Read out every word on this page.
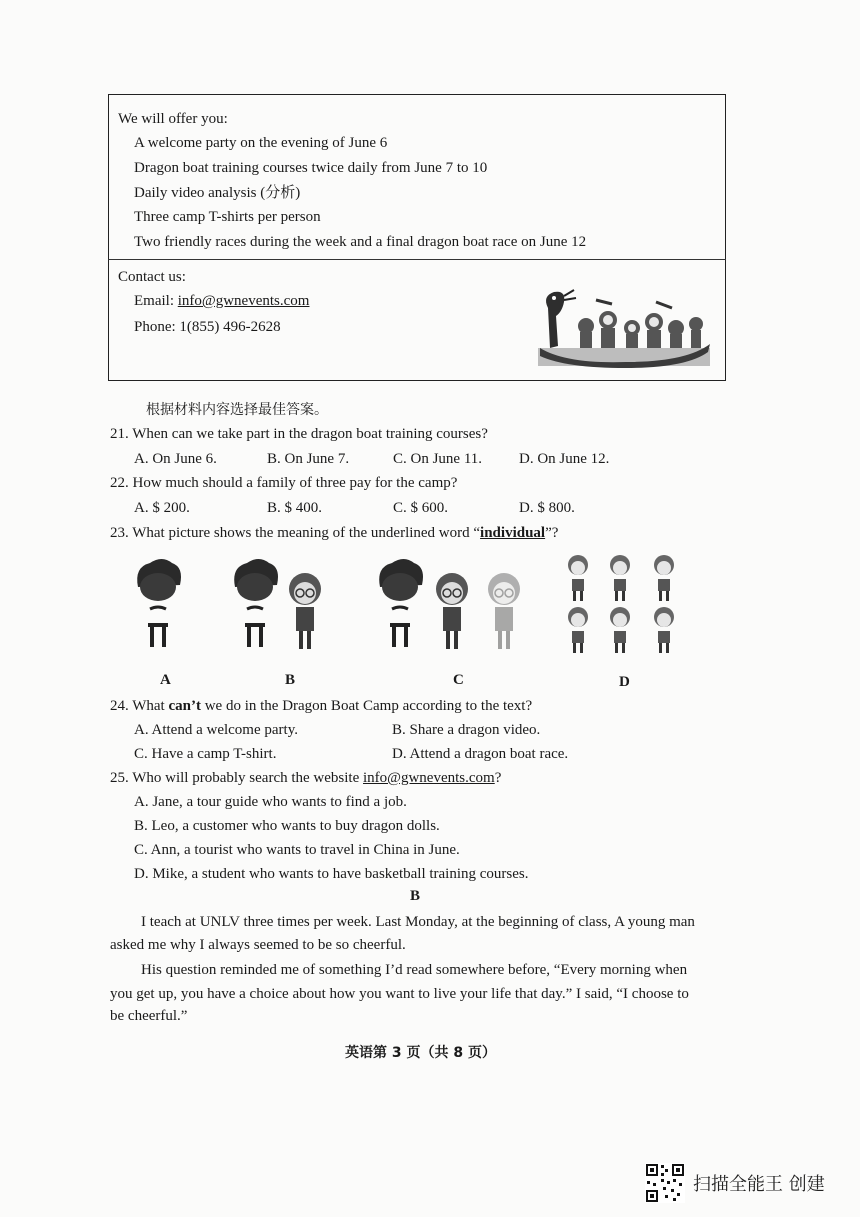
We will offer you:
A welcome party on the evening of June 6
Dragon boat training courses twice daily from June 7 to 10
Daily video analysis (分析)
Three camp T-shirts per person
Two friendly races during the week and a final dragon boat race on June 12
Contact us:
Email: info@gwnevents.com
Phone: 1(855) 496-2628
根据材料内容选择最佳答案。
21. When can we take part in the dragon boat training courses?
A. On June 6.	B. On June 7.	C. On June 11. D. On June 12.
22. How much should a family of three pay for the camp?
A. $ 200.	B. $ 400.	C. $ 600.	D. $ 800.
23. What picture shows the meaning of the underlined word “individual”?
A	B	C	D
24. What can’t we do in the Dragon Boat Camp according to the text?
A. Attend a welcome party.	B. Share a dragon video.
C. Have a camp T-shirt.	D. Attend a dragon boat race.
25. Who will probably search the website info@gwnevents.com?
A. Jane, a tour guide who wants to find a job.
B. Leo, a customer who wants to buy dragon dolls.
C. Ann, a tourist who wants to travel in China in June.
D. Mike, a student who wants to have basketball training courses.
B
I teach at UNLV three times per week. Last Monday, at the beginning of class, A young man
asked me why I always seemed to be so cheerful.
His question reminded me of something I’d read somewhere before, “Every morning when
you get up, you have a choice about how you want to live your life that day.” I said, “I choose to
be cheerful.”
英语第 3 页（共 8 页）
扫描全能王 创建
